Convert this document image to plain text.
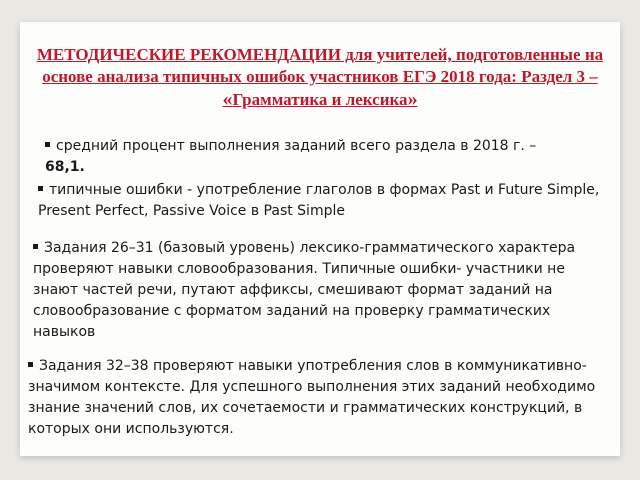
МЕТОДИЧЕСКИЕ РЕКОМЕНДАЦИИ для учителей, подготовленные на основе анализа типичных ошибок участников ЕГЭ 2018 года: Раздел 3 – «Грамматика и лексика»
средний процент выполнения заданий всего раздела в 2018 г. –
68,1.
типичные ошибки - употребление глаголов в формах Past и Future Simple, Present Perfect, Passive Voice в Past Simple
Задания 26–31 (базовый уровень) лексико-грамматического характера проверяют навыки словообразования. Типичные ошибки- участники не знают частей речи, путают аффиксы, смешивают формат заданий на словообразование с форматом заданий на проверку грамматических навыков
Задания 32–38 проверяют навыки употребления слов в коммуникативно-значимом контексте. Для успешного выполнения этих заданий необходимо знание значений слов, их сочетаемости и грамматических конструкций, в которых они используются.
